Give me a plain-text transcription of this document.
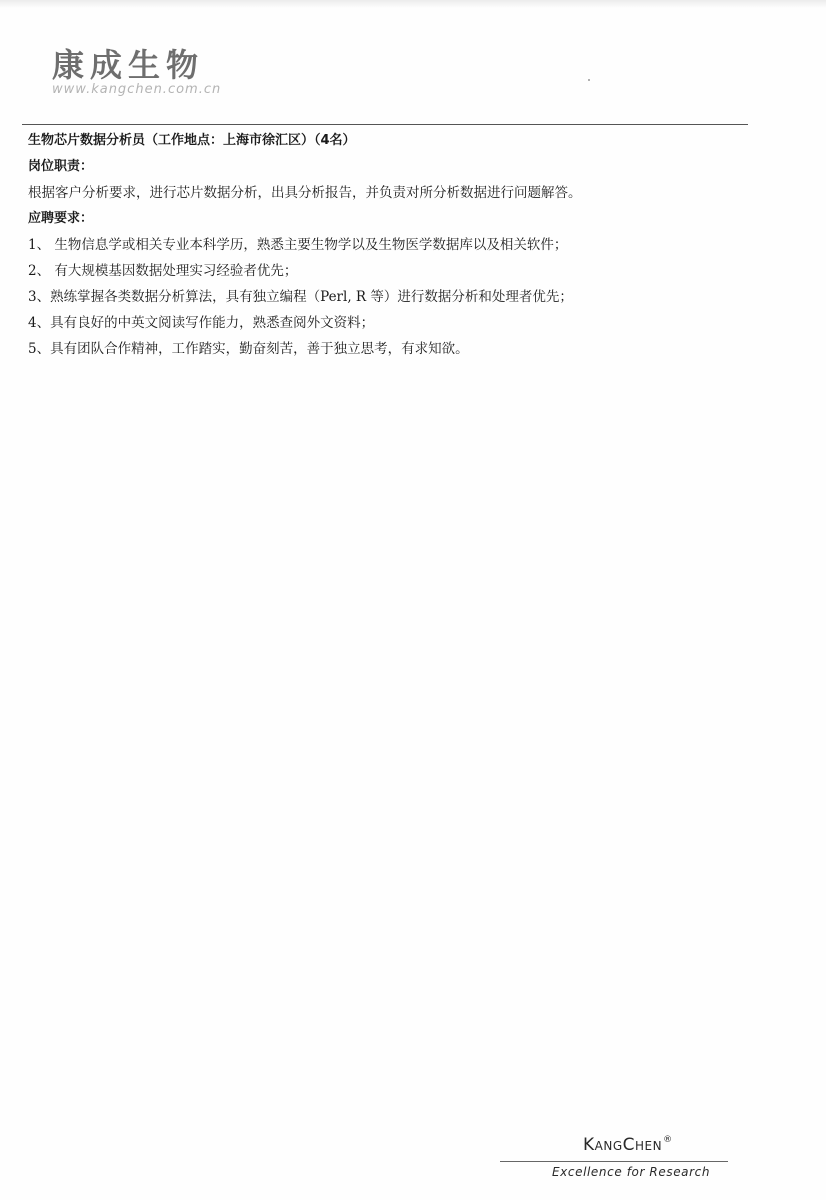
康成生物
www.kangchen.com.cn
生物芯片数据分析员（工作地点：上海市徐汇区）（4名）
岗位职责：
根据客户分析要求，进行芯片数据分析，出具分析报告，并负责对所分析数据进行问题解答。
应聘要求：
1、 生物信息学或相关专业本科学历，熟悉主要生物学以及生物医学数据库以及相关软件；
2、 有大规模基因数据处理实习经验者优先；
3、熟练掌握各类数据分析算法，具有独立编程（Perl, R 等）进行数据分析和处理者优先；
4、具有良好的中英文阅读写作能力，熟悉查阅外文资料；
5、具有团队合作精神，工作踏实，勤奋刻苦，善于独立思考，有求知欲。
KangChen®
Excellence for Research
